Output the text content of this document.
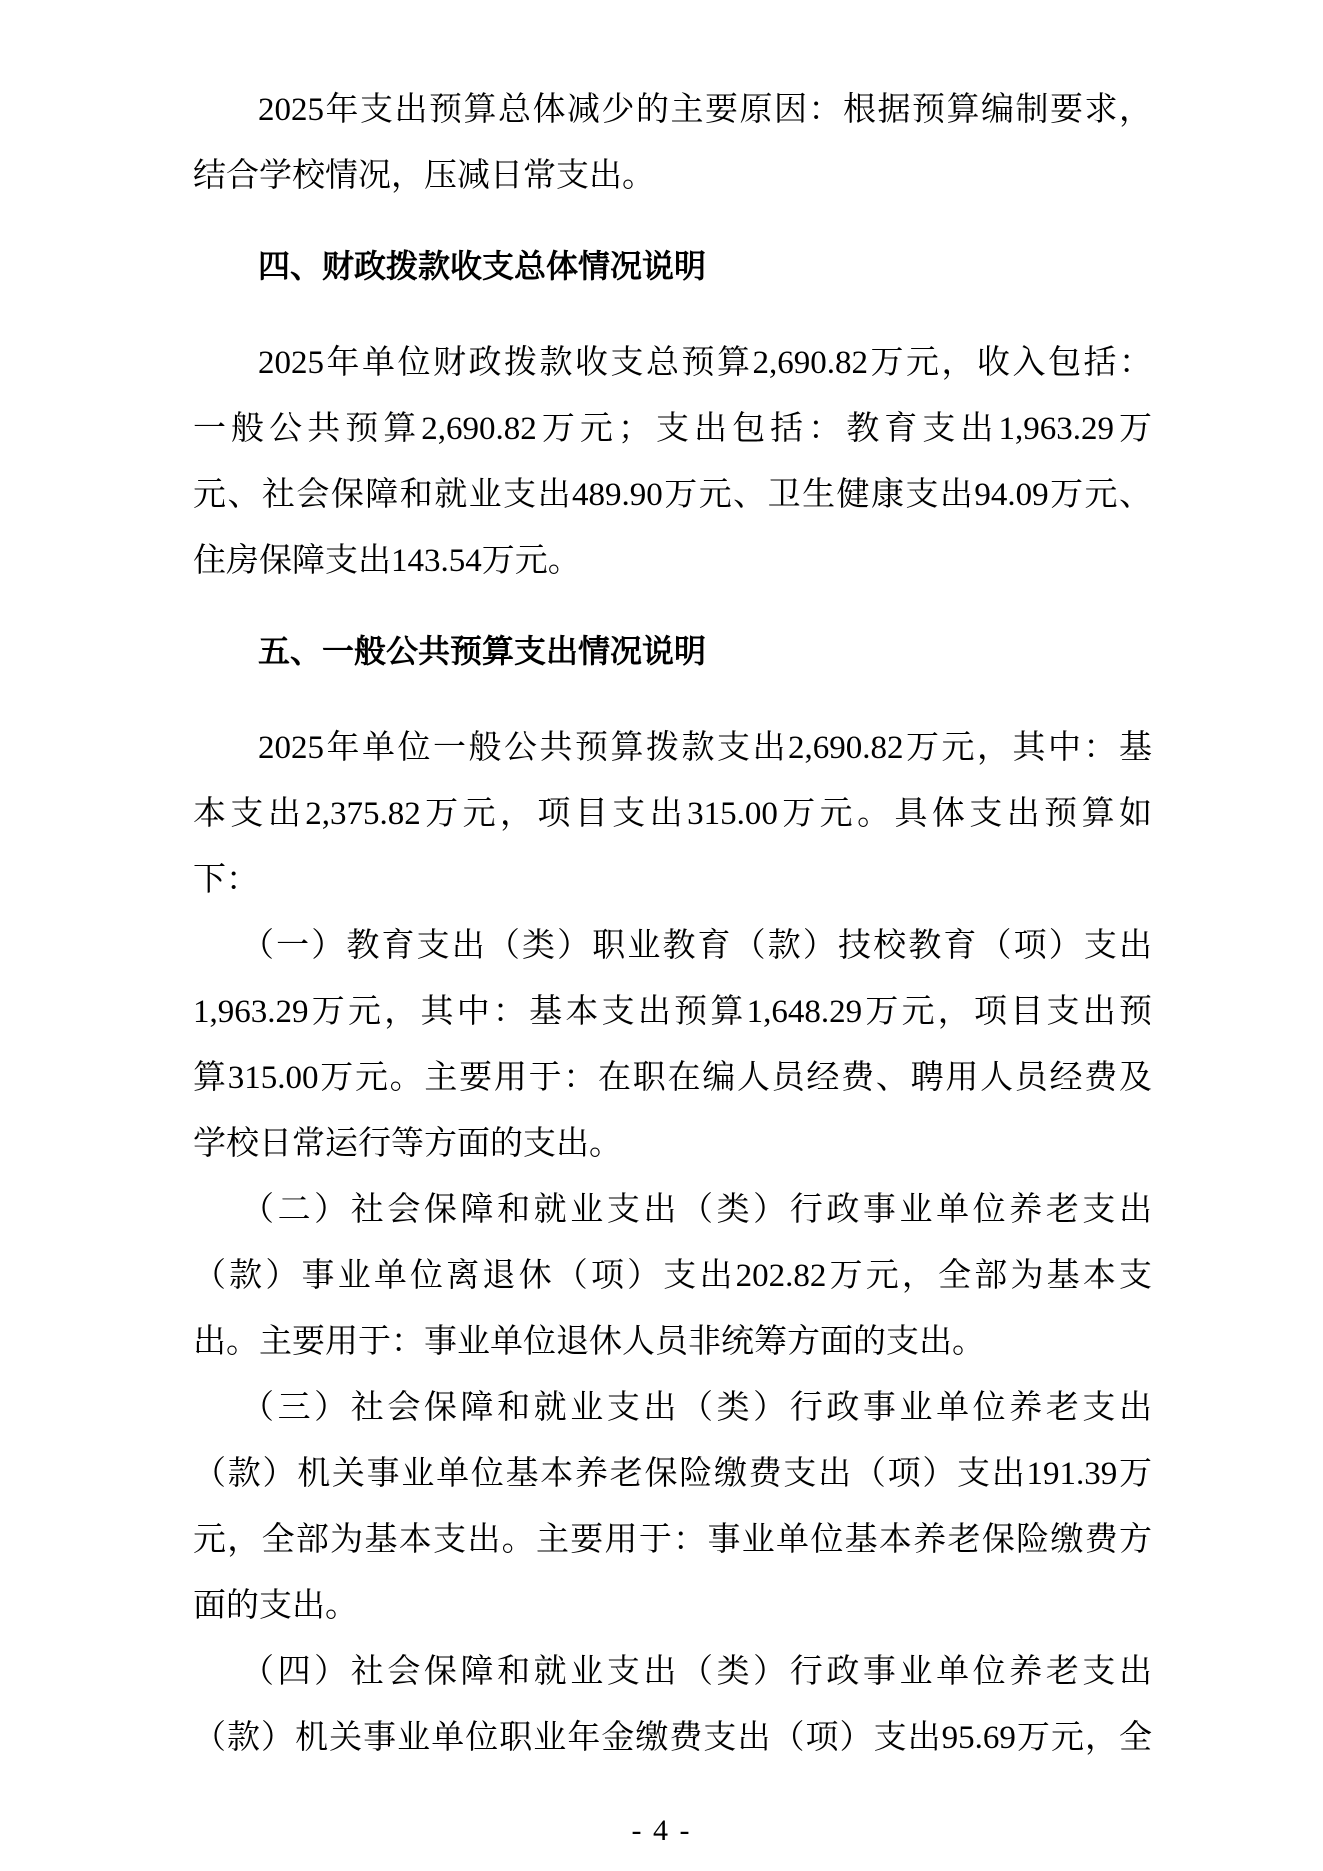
2025年支出预算总体减少的主要原因：根据预算编制要求，
结合学校情况，压减日常支出。
四、财政拨款收支总体情况说明
2025年单位财政拨款收支总预算2,690.82万元，收入包括：
一般公共预算2,690.82万元；支出包括：教育支出1,963.29万
元、社会保障和就业支出489.90万元、卫生健康支出94.09万元、
住房保障支出143.54万元。
五、一般公共预算支出情况说明
2025年单位一般公共预算拨款支出2,690.82万元，其中：基
本支出2,375.82万元，项目支出315.00万元。具体支出预算如
下：
（一）教育支出（类）职业教育（款）技校教育（项）支出
1,963.29万元，其中：基本支出预算1,648.29万元，项目支出预
算315.00万元。主要用于：在职在编人员经费、聘用人员经费及
学校日常运行等方面的支出。
（二）社会保障和就业支出（类）行政事业单位养老支出
（款）事业单位离退休（项）支出202.82万元，全部为基本支
出。主要用于：事业单位退休人员非统筹方面的支出。
（三）社会保障和就业支出（类）行政事业单位养老支出
（款）机关事业单位基本养老保险缴费支出（项）支出191.39万
元，全部为基本支出。主要用于：事业单位基本养老保险缴费方
面的支出。
（四）社会保障和就业支出（类）行政事业单位养老支出
（款）机关事业单位职业年金缴费支出（项）支出95.69万元，全
- 4 -
